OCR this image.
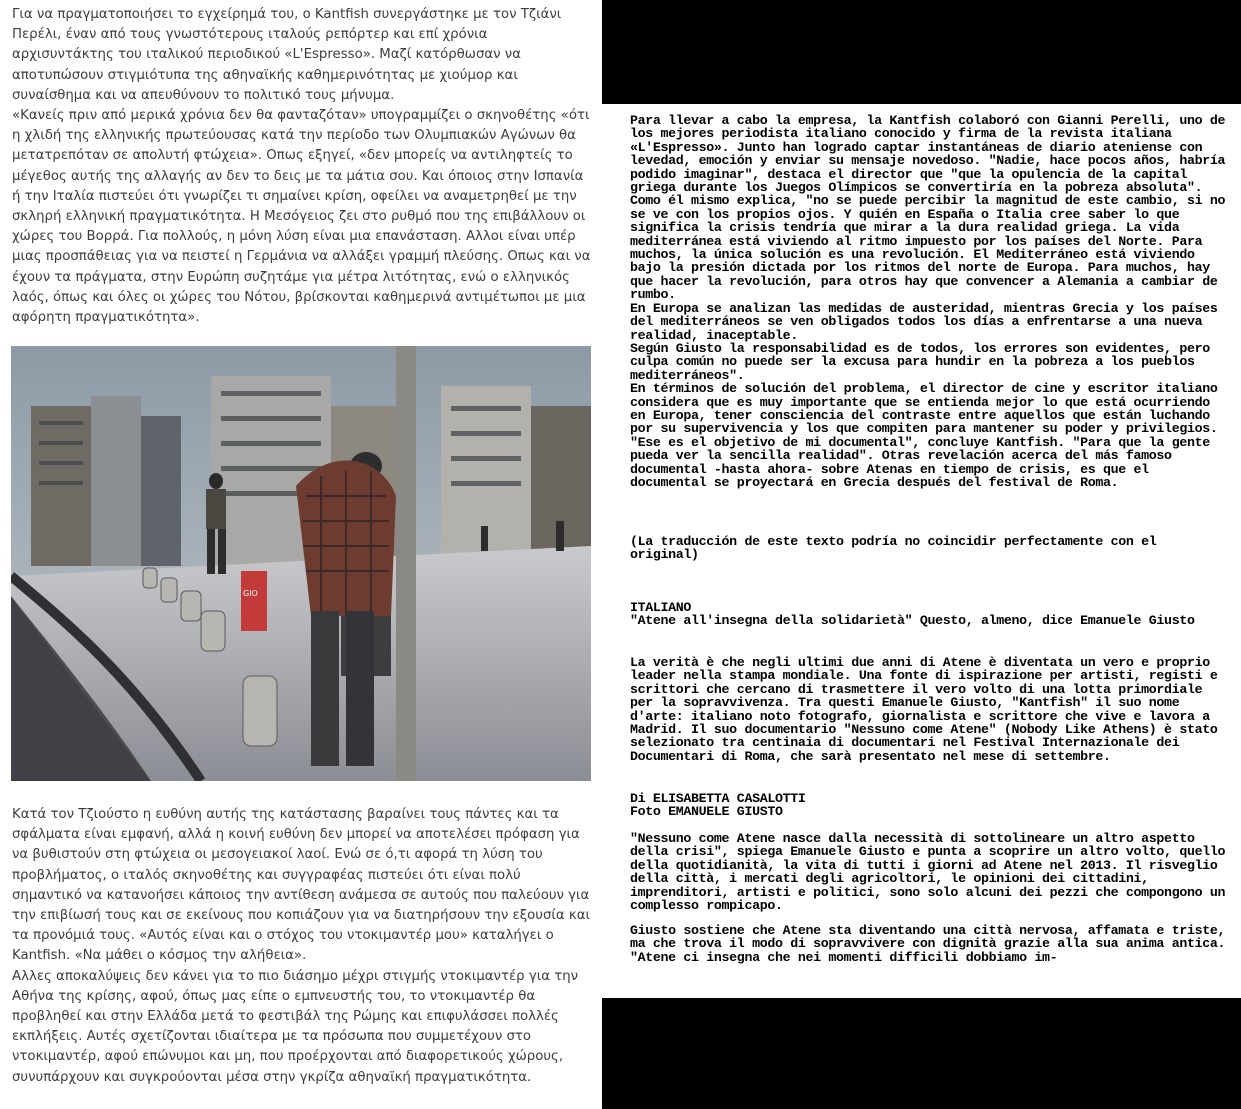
Για να πραγματοποιήσει το εγχείρημά του, ο Kantfish συνεργάστηκε με τον Τζιάνι Περέλι, έναν από τους γνωστότερους ιταλούς ρεπόρτερ και επί χρόνια αρχισυντάκτης του ιταλικού περιοδικού «L'Espresso». Μαζί κατόρθωσαν να αποτυπώσουν στιγμιότυπα της αθηναϊκής καθημερινότητας με χιούμορ και συναίσθημα και να απευθύνουν το πολιτικό τους μήνυμα.

«Κανείς πριν από μερικά χρόνια δεν θα φανταζόταν» υπογραμμίζει ο σκηνοθέτης «ότι η χλιδή της ελληνικής πρωτεύουσας κατά την περίοδο των Ολυμπιακών Αγώνων θα μετατρεπόταν σε απολυτή φτώχεια». Οπως εξηγεί, «δεν μπορείς να αντιληφτείς το μέγεθος αυτής της αλλαγής αν δεν το δεις με τα μάτια σου. Και όποιος στην Ισπανία ή την Ιταλία πιστεύει ότι γνωρίζει τι σημαίνει κρίση, οφείλει να αναμετρηθεί με την σκληρή ελληνική πραγματικότητα. Η Μεσόγειος ζει στο ρυθμό που της επιβάλλουν οι χώρες του Βορρά. Για πολλούς, η μόνη λύση είναι μια επανάσταση. Αλλοι είναι υπέρ μιας προσπάθειας για να πειστεί η Γερμάνια να αλλάξει γραμμή πλεύσης. Οπως και να έχουν τα πράγματα, στην Ευρώπη συζητάμε για μέτρα λιτότητας, ενώ ο ελληνικός λαός, όπως και όλες οι χώρες του Νότου, βρίσκονται καθημερινά αντιμέτωποι με μια αφόρητη πραγματικότητα».

GIO

Κατά τον Τζιούστο η ευθύνη αυτής της κατάστασης βαραίνει τους πάντες και τα σφάλματα είναι εμφανή, αλλά η κοινή ευθύνη δεν μπορεί να αποτελέσει πρόφαση για να βυθιστούν στη φτώχεια οι μεσογειακοί λαοί. Ενώ σε ό,τι αφορά τη λύση του προβλήματος, ο ιταλός σκηνοθέτης και συγγραφέας πιστεύει ότι είναι πολύ σημαντικό να κατανοήσει κάποιος την αντίθεση ανάμεσα σε αυτούς που παλεύουν για την επιβίωσή τους και σε εκείνους που κοπιάζουν για να διατηρήσουν την εξουσία και τα προνόμιά τους. «Αυτός είναι και ο στόχος του ντοκιμαντέρ μου» καταλήγει ο Kantfish. «Να μάθει ο κόσμος την αλήθεια».

Αλλες αποκαλύψεις δεν κάνει για το πιο διάσημο μέχρι στιγμής ντοκιμαντέρ για την Αθήνα της κρίσης, αφού, όπως μας είπε ο εμπνευστής του, το ντοκιμαντέρ θα προβληθεί και στην Ελλάδα μετά το φεστιβάλ της Ρώμης και επιφυλάσσει πολλές εκπλήξεις. Αυτές σχετίζονται ιδιαίτερα με τα πρόσωπα που συμμετέχουν στο ντοκιμαντέρ, αφού επώνυμοι και μη, που προέρχονται από διαφορετικούς χώρους, συνυπάρχουν και συγκρούονται μέσα στην γκρίζα αθηναϊκή πραγματικότητα.

Para llevar a cabo la empresa, la Kantfish colaboró con Gianni Perelli, uno de los mejores periodista italiano conocido y firma de la revista italiana «L'Espresso». Junto han logrado captar instantáneas de diario ateniense con levedad, emoción y enviar su mensaje novedoso. "Nadie, hace pocos años, habría podido imaginar", destaca el director que "que la opulencia de la capital griega durante los Juegos Olímpicos se convertiría en la pobreza absoluta". Como él mismo explica, "no se puede percibir la magnitud de este cambio, si no se ve con los propios ojos. Y quién en España o Italia cree saber lo que significa la crisis tendría que mirar a la dura realidad griega. La vida mediterránea está viviendo al ritmo impuesto por los países del Norte. Para muchos, la única solución es una revolución. El Mediterráneo está viviendo bajo la presión dictada por los ritmos del norte de Europa. Para muchos, hay que hacer la revolución, para otros hay que convencer a Alemania a cambiar de rumbo.

En Europa se analizan las medidas de austeridad, mientras Grecia y los países del mediterráneos se ven obligados todos los días a enfrentarse a una nueva realidad, inaceptable.

Según Giusto la responsabilidad es de todos, los errores son evidentes, pero culpa común no puede ser la excusa para hundir en la pobreza a los pueblos mediterráneos".

En términos de solución del problema, el director de cine y escritor italiano considera que es muy importante que se entienda mejor lo que está ocurriendo en Europa, tener consciencia del contraste entre aquellos que están luchando por su supervivencia y los que compiten para mantener su poder y privilegios. "Ese es el objetivo de mi documental", concluye Kantfish. "Para que la gente pueda ver la sencilla realidad". Otras revelación acerca del más famoso documental -hasta ahora- sobre Atenas en tiempo de crisis, es que el documental se proyectará en Grecia después del festival de Roma.

(La traducción de este texto podría no coincidir perfectamente con el original)

ITALIANO

"Atene all'insegna della solidarietà" Questo, almeno, dice Emanuele Giusto

La verità è che negli ultimi due anni di Atene è diventata un vero e proprio leader nella stampa mondiale. Una fonte di ispirazione per artisti, registi e scrittori che cercano di trasmettere il vero volto di una lotta primordiale per la sopravvivenza. Tra questi Emanuele Giusto, "Kantfish" il suo nome d'arte: italiano noto fotografo, giornalista e scrittore che vive e lavora a Madrid. Il suo documentario "Nessuno come Atene" (Nobody Like Athens) è stato selezionato tra centinaia di documentari nel Festival Internazionale dei Documentari di Roma, che sarà presentato nel mese di settembre.

Di ELISABETTA CASALOTTI

Foto EMANUELE GIUSTO

"Nessuno come Atene nasce dalla necessità di sottolineare un altro aspetto della crisi", spiega Emanuele Giusto e punta a scoprire un altro volto, quello della quotidianità, la vita di tutti i giorni ad Atene nel 2013. Il risveglio della città, i mercati degli agricoltori, le opinioni dei cittadini, imprenditori, artisti e politici, sono solo alcuni dei pezzi che compongono un complesso rompicapo.
Giusto sostiene che Atene sta diventando una città nervosa, affamata e triste, ma che trova il modo di sopravvivere con dignità grazie alla sua anima antica. "Atene ci insegna che nei momenti difficili dobbiamo im-
